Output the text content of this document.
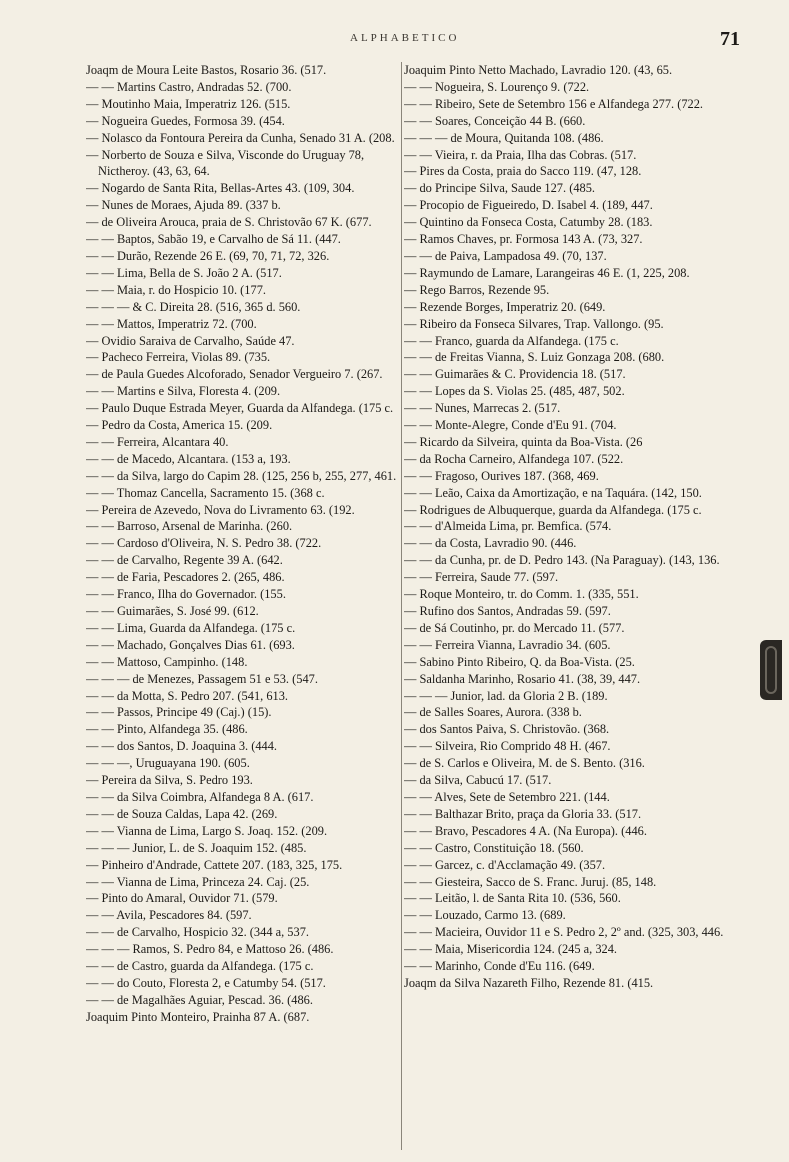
ALPHABETICO	71

Joaqm de Moura Leite Bastos, Rosario 36. (517.

— — Martins Castro, Andradas 52. (700.

— Moutinho Maia, Imperatriz 126. (515.

— Nogueira Guedes, Formosa 39. (454.

— Nolasco da Fontoura Pereira da Cunha, Senado 31 A. (208.

— Norberto de Souza e Silva, Visconde do Uruguay 78, Nictheroy. (43, 63, 64.

— Nogardo de Santa Rita, Bellas-Artes 43. (109, 304.

— Nunes de Moraes, Ajuda 89. (337 b.

— de Oliveira Arouca, praia de S. Christovão 67 K. (677.

— — Baptos, Sabão 19, e Carvalho de Sá 11. (447.

— — Durão, Rezende 26 E. (69, 70, 71, 72, 326.

— — Lima, Bella de S. João 2 A. (517.

— — Maia, r. do Hospicio 10. (177.

— — — & C. Direita 28. (516, 365 d. 560.

— — Mattos, Imperatriz 72. (700.

— Ovidio Saraiva de Carvalho, Saúde 47.

— Pacheco Ferreira, Violas 89. (735.

— de Paula Guedes Alcoforado, Senador Vergueiro 7. (267.

— — Martins e Silva, Floresta 4. (209.

— Paulo Duque Estrada Meyer, Guarda da Alfandega. (175 c.

— Pedro da Costa, America 15. (209.

— — Ferreira, Alcantara 40.

— — de Macedo, Alcantara. (153 a, 193.

— — da Silva, largo do Capim 28. (125, 256 b, 255, 277, 461.

— — Thomaz Cancella, Sacramento 15. (368 c.

— Pereira de Azevedo, Nova do Livramento 63. (192.

— — Barroso, Arsenal de Marinha. (260.

— — Cardoso d'Oliveira, N. S. Pedro 38. (722.

— — de Carvalho, Regente 39 A. (642.

— — de Faria, Pescadores 2. (265, 486.

— — Franco, Ilha do Governador. (155.

— — Guimarães, S. José 99. (612.

— — Lima, Guarda da Alfandega. (175 c.

— — Machado, Gonçalves Dias 61. (693.

— — Mattoso, Campinho. (148.

— — — de Menezes, Passagem 51 e 53. (547.

— — da Motta, S. Pedro 207. (541, 613.

— — Passos, Principe 49 (Caj.) (15).

— — Pinto, Alfandega 35. (486.

— — dos Santos, D. Joaquina 3. (444.

— — —, Uruguayana 190. (605.

— Pereira da Silva, S. Pedro 193.

— — da Silva Coimbra, Alfandega 8 A. (617.

— — de Souza Caldas, Lapa 42. (269.

— — Vianna de Lima, Largo S. Joaq. 152. (209.

— — — Junior, L. de S. Joaquim 152. (485.

— Pinheiro d'Andrade, Cattete 207. (183, 325, 175.

— — Vianna de Lima, Princeza 24. Caj. (25.

— Pinto do Amaral, Ouvidor 71. (579.

— — Avila, Pescadores 84. (597.

— — de Carvalho, Hospicio 32. (344 a, 537.

— — — Ramos, S. Pedro 84, e Mattoso 26. (486.

— — de Castro, guarda da Alfandega. (175 c.

— — do Couto, Floresta 2, e Catumby 54. (517.

— — de Magalhães Aguiar, Pescad. 36. (486.

Joaquim Pinto Monteiro, Prainha 87 A. (687.

Joaquim Pinto Netto Machado, Lavradio 120. (43, 65.

— — Nogueira, S. Lourenço 9. (722.

— — Ribeiro, Sete de Setembro 156 e Alfandega 277. (722.

— — Soares, Conceição 44 B. (660.

— — — de Moura, Quitanda 108. (486.

— — Vieira, r. da Praia, Ilha das Cobras. (517.

— Pires da Costa, praia do Sacco 119. (47, 128.

— do Principe Silva, Saude 127. (485.

— Procopio de Figueiredo, D. Isabel 4. (189, 447.

— Quintino da Fonseca Costa, Catumby 28. (183.

— Ramos Chaves, pr. Formosa 143 A. (73, 327.

— — de Paiva, Lampadosa 49. (70, 137.

— Raymundo de Lamare, Larangeiras 46 E. (1, 225, 208.

— Rego Barros, Rezende 95.

— Rezende Borges, Imperatriz 20. (649.

— Ribeiro da Fonseca Silvares, Trap. Vallongo. (95.

— — Franco, guarda da Alfandega. (175 c.

— — de Freitas Vianna, S. Luiz Gonzaga 208. (680.

— — Guimarães & C. Providencia 18. (517.

— — Lopes da S. Violas 25. (485, 487, 502.

— — Nunes, Marrecas 2. (517.

— — Monte-Alegre, Conde d'Eu 91. (704.

— Ricardo da Silveira, quinta da Boa-Vista. (26

— da Rocha Carneiro, Alfandega 107. (522.

— — Fragoso, Ourives 187. (368, 469.

— — Leão, Caixa da Amortização, e na Taquára. (142, 150.

— Rodrigues de Albuquerque, guarda da Alfandega. (175 c.

— — d'Almeida Lima, pr. Bemfica. (574.

— — da Costa, Lavradio 90. (446.

— — da Cunha, pr. de D. Pedro 143. (Na Paraguay). (143, 136.

— — Ferreira, Saude 77. (597.

— Roque Monteiro, tr. do Comm. 1. (335, 551.

— Rufino dos Santos, Andradas 59. (597.

— de Sá Coutinho, pr. do Mercado 11. (577.

— — Ferreira Vianna, Lavradio 34. (605.

— Sabino Pinto Ribeiro, Q. da Boa-Vista. (25.

— Saldanha Marinho, Rosario 41. (38, 39, 447.

— — — Junior, lad. da Gloria 2 B. (189.

— de Salles Soares, Aurora. (338 b.

— dos Santos Paiva, S. Christovão. (368.

— — Silveira, Rio Comprido 48 H. (467.

— de S. Carlos e Oliveira, M. de S. Bento. (316.

— da Silva, Cabucú 17. (517.

— — Alves, Sete de Setembro 221. (144.

— — Balthazar Brito, praça da Gloria 33. (517.

— — Bravo, Pescadores 4 A. (Na Europa). (446.

— — Castro, Constituição 18. (560.

— — Garcez, c. d'Acclamação 49. (357.

— — Giesteira, Sacco de S. Franc. Juruj. (85, 148.

— — Leitão, l. de Santa Rita 10. (536, 560.

— — Louzado, Carmo 13. (689.

— — Macieira, Ouvidor 11 e S. Pedro 2, 2º and. (325, 303, 446.

— — Maia, Misericordia 124. (245 a, 324.

— — Marinho, Conde d'Eu 116. (649.

Joaqm da Silva Nazareth Filho, Rezende 81. (415.
